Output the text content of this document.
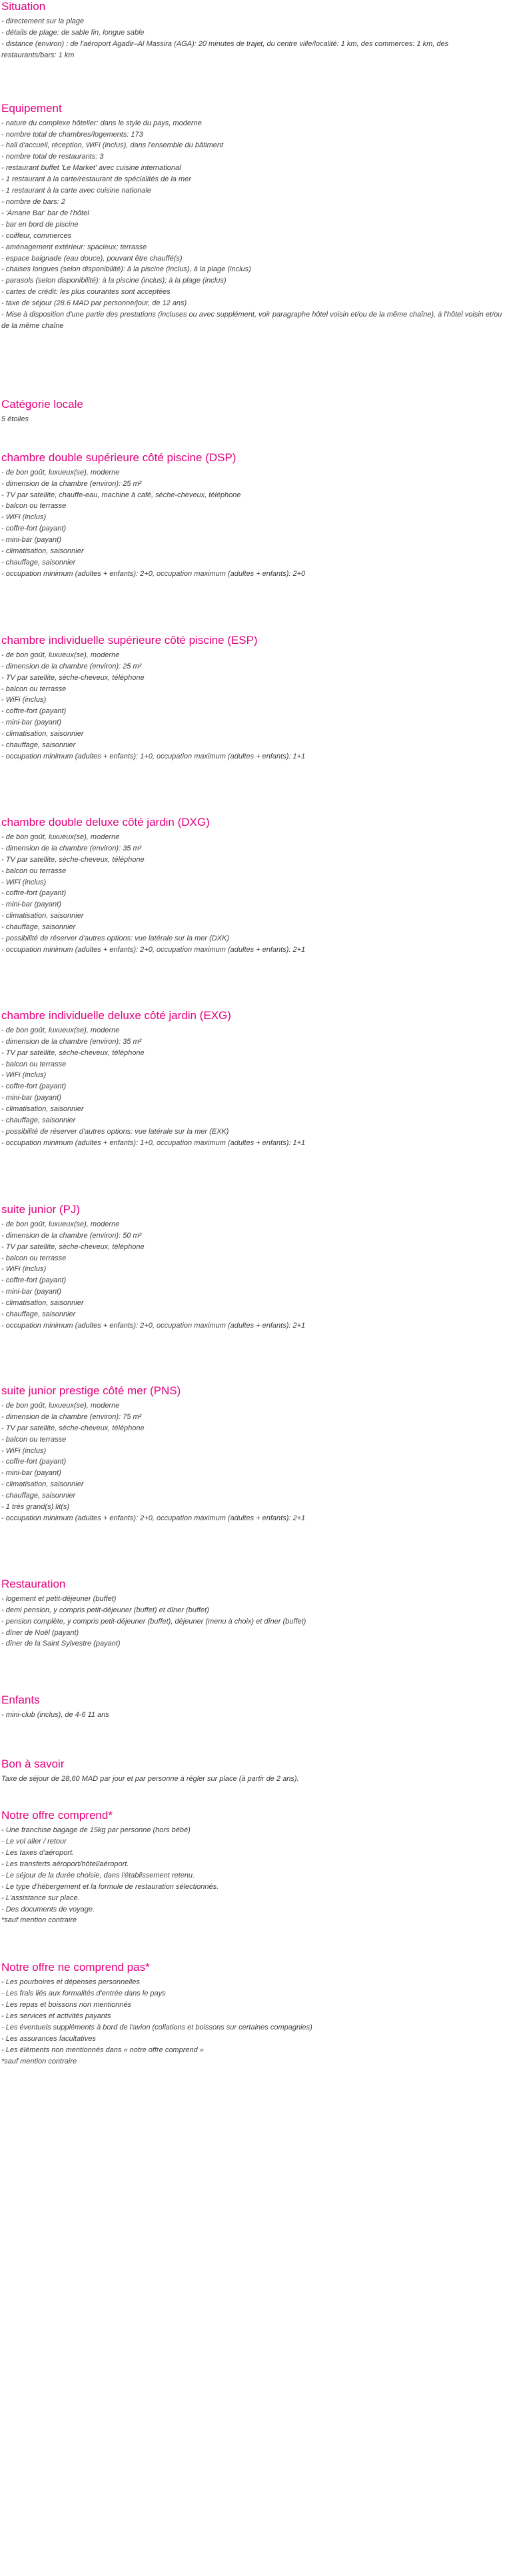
Situation

- directement sur la plage

- détails de plage: de sable fin, longue sable

- distance (environ) : de l'aéroport Agadir–Al Massira (AGA): 20 minutes de trajet, du centre ville/localité: 1 km, des commerces: 1 km, des restaurants/bars: 1 km

Equipement

- nature du complexe hôtelier: dans le style du pays, moderne

- nombre total de chambres/logements: 173

- hall d'accueil, réception, WiFi (inclus), dans l'ensemble du bâtiment

- nombre total de restaurants: 3

- restaurant buffet 'Le Market' avec cuisine international

- 1 restaurant à la carte/restaurant de spécialités de la mer

- 1 restaurant à la carte avec cuisine nationale

- nombre de bars: 2

- 'Amane Bar' bar de l'hôtel

- bar en bord de piscine

- coiffeur, commerces

- aménagement extérieur: spacieux; terrasse

- espace baignade (eau douce), pouvant être chauffé(s)

- chaises longues (selon disponibilité): à la piscine (inclus), à la plage (inclus)

- parasols (selon disponibilité): à la piscine (inclus); à la plage (inclus)

- cartes de crédit: les plus courantes sont acceptées

- taxe de séjour (28.6 MAD par personne/jour, de 12 ans)

- Mise à disposition d'une partie des prestations (incluses ou avec supplément, voir paragraphe hôtel voisin et/ou de la même chaîne), à l'hôtel voisin et/ou de la même chaîne

Catégorie locale

5 étoiles

chambre double supérieure côté piscine (DSP)

- de bon goût, luxueux(se), moderne

- dimension de la chambre (environ): 25 m²

- TV par satellite, chauffe-eau, machine à café, sèche-cheveux, téléphone

- balcon ou terrasse

- WiFi (inclus)

- coffre-fort (payant)

- mini-bar (payant)

- climatisation, saisonnier

- chauffage, saisonnier

- occupation minimum (adultes + enfants): 2+0, occupation maximum (adultes + enfants): 2+0

chambre individuelle supérieure côté piscine (ESP)

- de bon goût, luxueux(se), moderne

- dimension de la chambre (environ): 25 m²

- TV par satellite, sèche-cheveux, téléphone

- balcon ou terrasse

- WiFi (inclus)

- coffre-fort (payant)

- mini-bar (payant)

- climatisation, saisonnier

- chauffage, saisonnier

- occupation minimum (adultes + enfants): 1+0, occupation maximum (adultes + enfants): 1+1

chambre double deluxe côté jardin (DXG)

- de bon goût, luxueux(se), moderne

- dimension de la chambre (environ): 35 m²

- TV par satellite, sèche-cheveux, téléphone

- balcon ou terrasse

- WiFi (inclus)

- coffre-fort (payant)

- mini-bar (payant)

- climatisation, saisonnier

- chauffage, saisonnier

- possibilité de réserver d'autres options: vue latérale sur la mer (DXK)

- occupation minimum (adultes + enfants): 2+0, occupation maximum (adultes + enfants): 2+1

chambre individuelle deluxe côté jardin (EXG)

- de bon goût, luxueux(se), moderne

- dimension de la chambre (environ): 35 m²

- TV par satellite, sèche-cheveux, téléphone

- balcon ou terrasse

- WiFi (inclus)

- coffre-fort (payant)

- mini-bar (payant)

- climatisation, saisonnier

- chauffage, saisonnier

- possibilité de réserver d'autres options: vue latérale sur la mer (EXK)

- occupation minimum (adultes + enfants): 1+0, occupation maximum (adultes + enfants): 1+1

suite junior (PJ)

- de bon goût, luxueux(se), moderne

- dimension de la chambre (environ): 50 m²

- TV par satellite, sèche-cheveux, téléphone

- balcon ou terrasse

- WiFi (inclus)

- coffre-fort (payant)

- mini-bar (payant)

- climatisation, saisonnier

- chauffage, saisonnier

- occupation minimum (adultes + enfants): 2+0, occupation maximum (adultes + enfants): 2+1

suite junior prestige côté mer (PNS)

- de bon goût, luxueux(se), moderne

- dimension de la chambre (environ): 75 m²

- TV par satellite, sèche-cheveux, téléphone

- balcon ou terrasse

- WiFi (inclus)

- coffre-fort (payant)

- mini-bar (payant)

- climatisation, saisonnier

- chauffage, saisonnier

- 1 très grand(s) lit(s)

- occupation minimum (adultes + enfants): 2+0, occupation maximum (adultes + enfants): 2+1

Restauration

- logement et petit-déjeuner (buffet)

- demi pension, y compris petit-déjeuner (buffet) et dîner (buffet)

- pension complète, y compris petit-déjeuner (buffet), déjeuner (menu à choix) et dîner (buffet)

- dîner de Noël (payant)

- dîner de la Saint Sylvestre (payant)

Enfants

- mini-club (inclus), de 4-6 11 ans

Bon à savoir

Taxe de séjour de 28,60 MAD par jour et par personne à régler sur place (à partir de 2 ans).

Notre offre comprend*

- Une franchise bagage de 15kg par personne (hors bébé)

- Le vol aller / retour

- Les taxes d'aéroport.

- Les transferts aéroport/hôtel/aéroport.

- Le séjour de la durée choisie, dans l'établissement retenu.

- Le type d'hébergement et la formule de restauration sélectionnés.

- L'assistance sur place.

- Des documents de voyage.

*sauf mention contraire

Notre offre ne comprend pas*

- Les pourboires et dépenses personnelles

- Les frais liés aux formalités d'entrée dans le pays

- Les repas et boissons non mentionnés

- Les services et activités payants

- Les éventuels suppléments à bord de l'avion (collations et boissons sur certaines compagnies)

- Les assurances facultatives

- Les éléments non mentionnés dans « notre offre comprend »

*sauf mention contraire
